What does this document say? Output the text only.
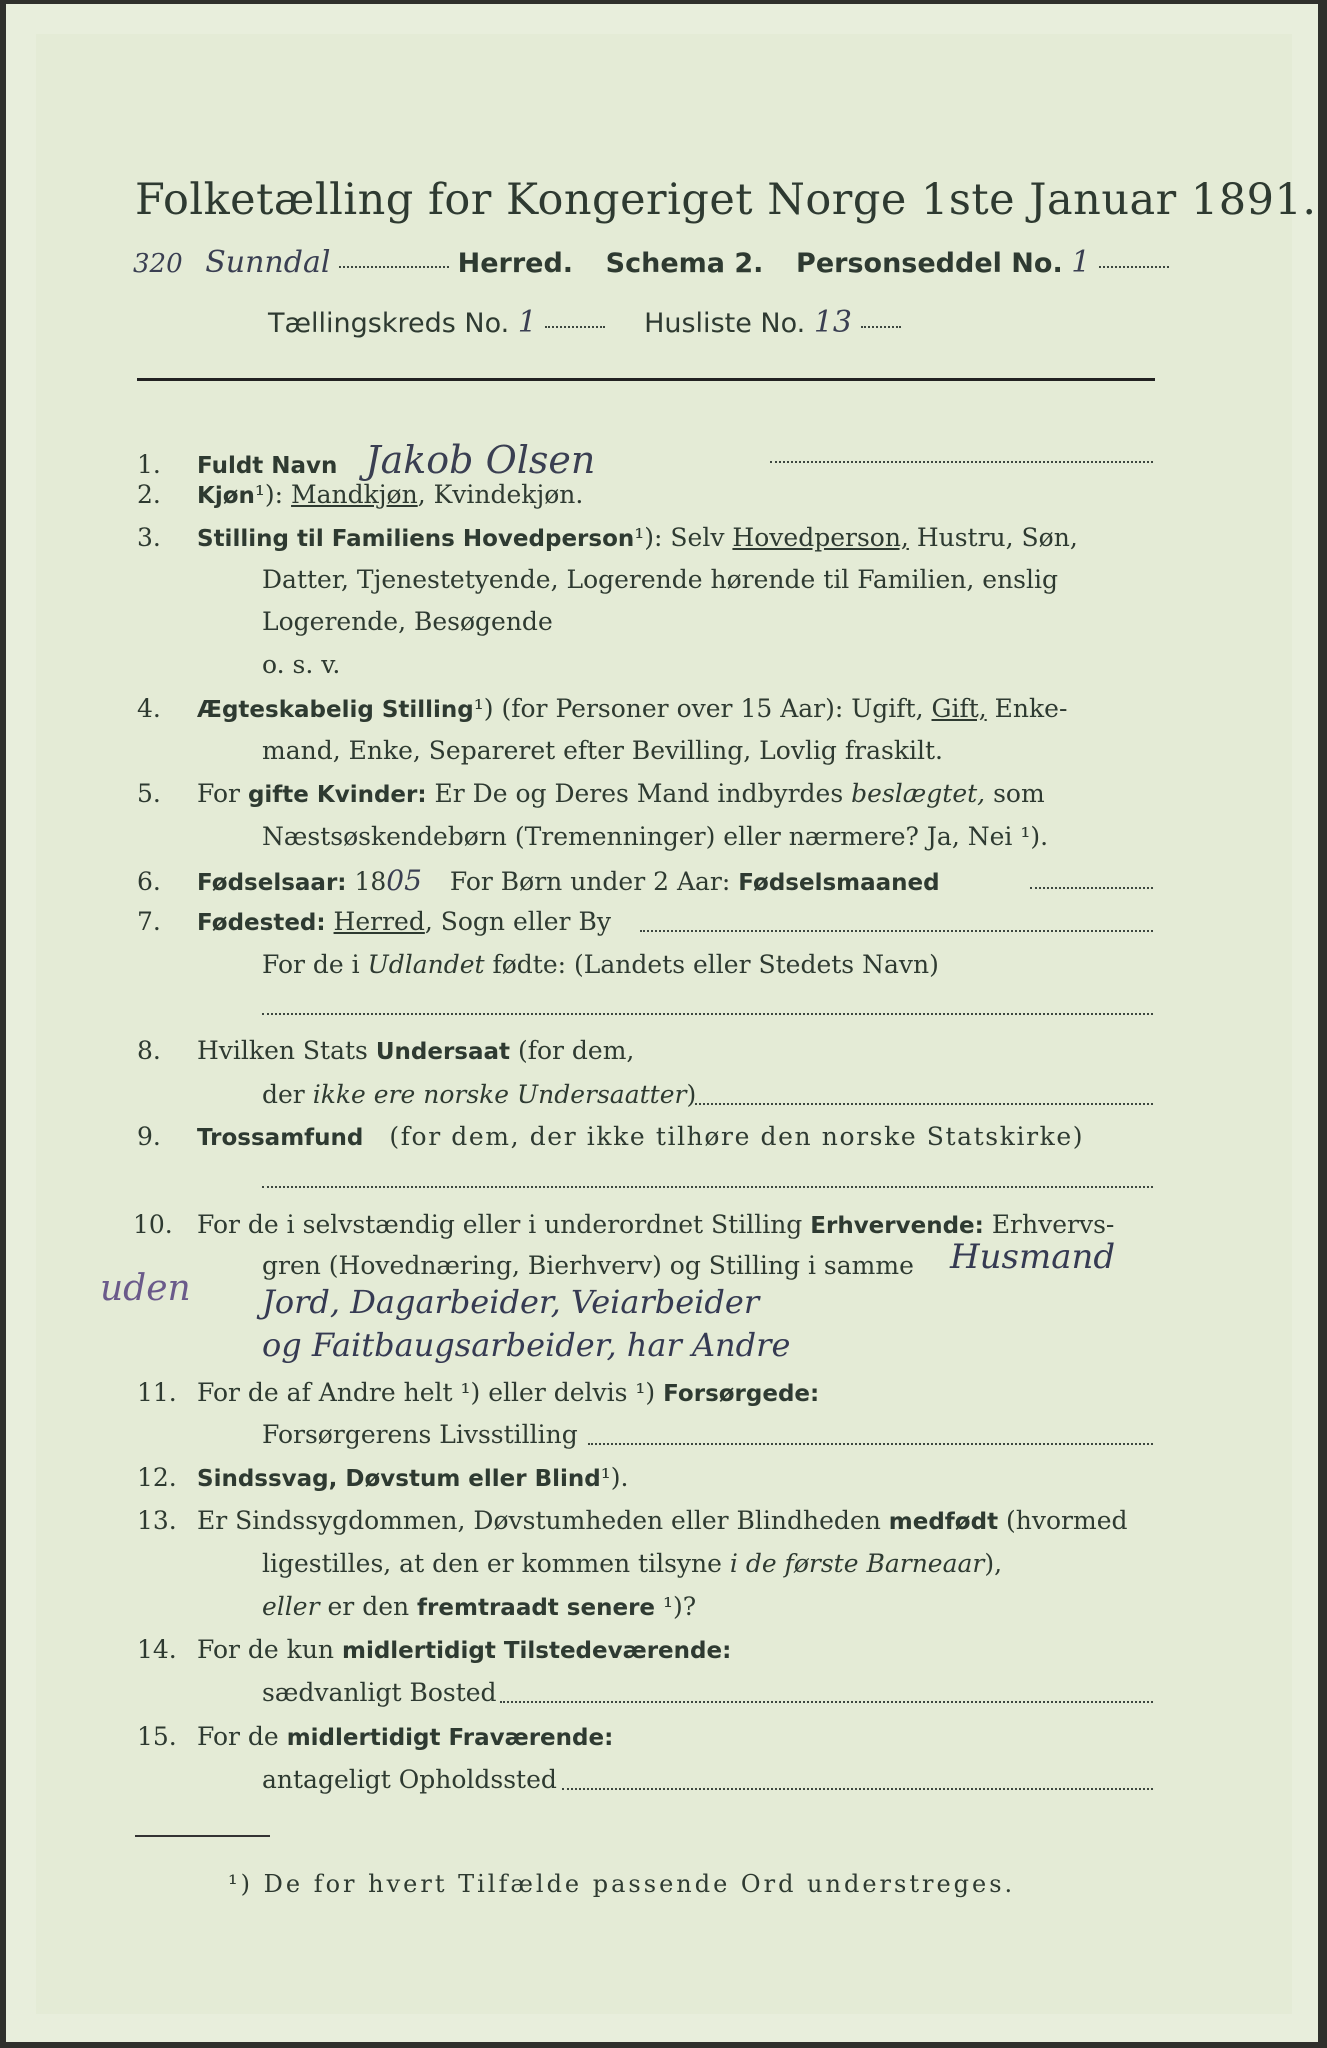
Folketælling for Kongeriget Norge 1ste Januar 1891.
320 Sunndal	Herred. Schema 2. Personseddel No. 1
Tællingskreds No. 1	Husliste No. 13
1. Fuldt Navn Jakob Olsen
2. Kjøn¹): Mandkjøn, Kvindekjøn.
3. Stilling til Familiens Hovedperson¹): Selv Hovedperson, Hustru, Søn,
Datter, Tjenestetyende, Logerende hørende til Familien, enslig
Logerende, Besøgende
o. s. v.
4. Ægteskabelig Stilling¹) (for Personer over 15 Aar): Ugift, Gift, Enke-
mand, Enke, Separeret efter Bevilling, Lovlig fraskilt.
5. For gifte Kvinder: Er De og Deres Mand indbyrdes beslægtet, som
Næstsøskendebørn (Tremenninger) eller nærmere? Ja, Nei ¹).
6. Fødselsaar: 1805 For Børn under 2 Aar: Fødselsmaaned
7. Fødested: Herred, Sogn eller By
For de i Udlandet fødte: (Landets eller Stedets Navn)
8. Hvilken Stats Undersaat (for dem,
der ikke ere norske Undersaatter)
9. Trossamfund (for dem, der ikke tilhøre den norske Statskirke)
10. For de i selvstændig eller i underordnet Stilling Erhvervende: Erhvervs-
gren (Hovednæring, Bierhverv) og Stilling i samme Husmand
uden Jord, Dagarbeider, Veiarbeider
og Faitbaugsarbeider, har Andre
11. For de af Andre helt ¹) eller delvis ¹) Forsørgede:
Forsørgerens Livsstilling
12. Sindssvag, Døvstum eller Blind¹).
13. Er Sindssygdommen, Døvstumheden eller Blindheden medfødt (hvormed
ligestilles, at den er kommen tilsyne i de første Barneaar),
eller er den fremtraadt senere ¹)?
14. For de kun midlertidigt Tilstedeværende:
sædvanligt Bosted
15. For de midlertidigt Fraværende:
antageligt Opholdssted
¹) De for hvert Tilfælde passende Ord understreges.
